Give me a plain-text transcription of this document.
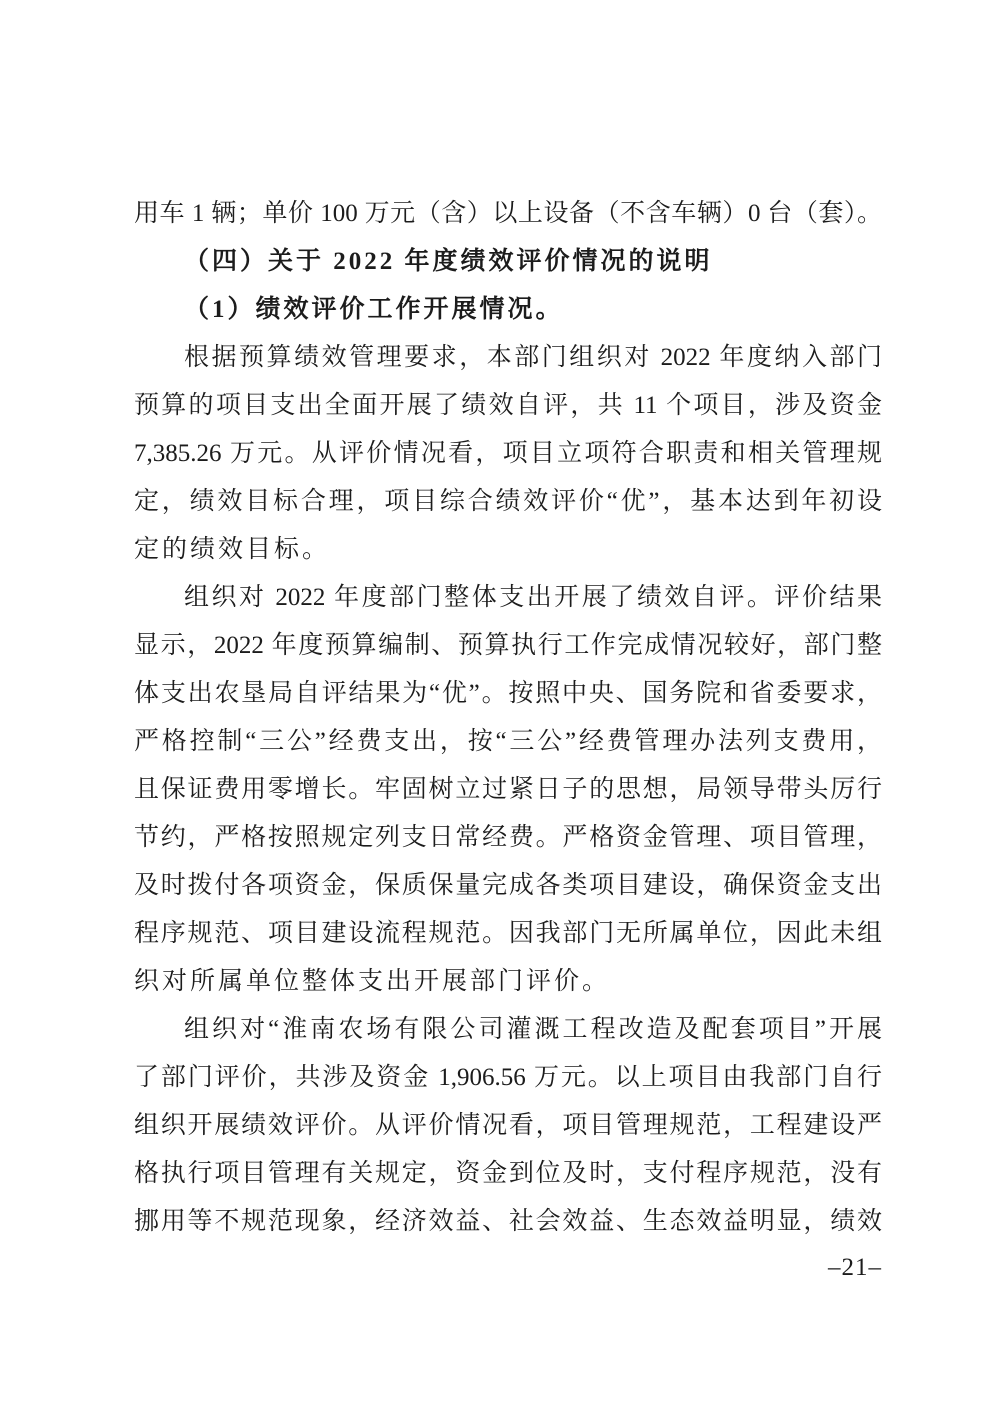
用车 1 辆；单价 100 万元（含）以上设备（不含车辆）0 台（套）。
（四）关于 2022 年度绩效评价情况的说明
（1）绩效评价工作开展情况。
根据预算绩效管理要求，本部门组织对 2022 年度纳入部门
预算的项目支出全面开展了绩效自评，共 11 个项目，涉及资金
7,385.26 万元。从评价情况看，项目立项符合职责和相关管理规
定，绩效目标合理，项目综合绩效评价“优”，基本达到年初设
定的绩效目标。
组织对 2022 年度部门整体支出开展了绩效自评。评价结果
显示，2022 年度预算编制、预算执行工作完成情况较好，部门整
体支出农垦局自评结果为“优”。按照中央、国务院和省委要求，
严格控制“三公”经费支出，按“三公”经费管理办法列支费用，
且保证费用零增长。牢固树立过紧日子的思想，局领导带头厉行
节约，严格按照规定列支日常经费。严格资金管理、项目管理，
及时拨付各项资金，保质保量完成各类项目建设，确保资金支出
程序规范、项目建设流程规范。因我部门无所属单位，因此未组
织对所属单位整体支出开展部门评价。
组织对“淮南农场有限公司灌溉工程改造及配套项目”开展
了部门评价，共涉及资金 1,906.56 万元。以上项目由我部门自行
组织开展绩效评价。从评价情况看，项目管理规范，工程建设严
格执行项目管理有关规定，资金到位及时，支付程序规范，没有
挪用等不规范现象，经济效益、社会效益、生态效益明显，绩效
–21–
